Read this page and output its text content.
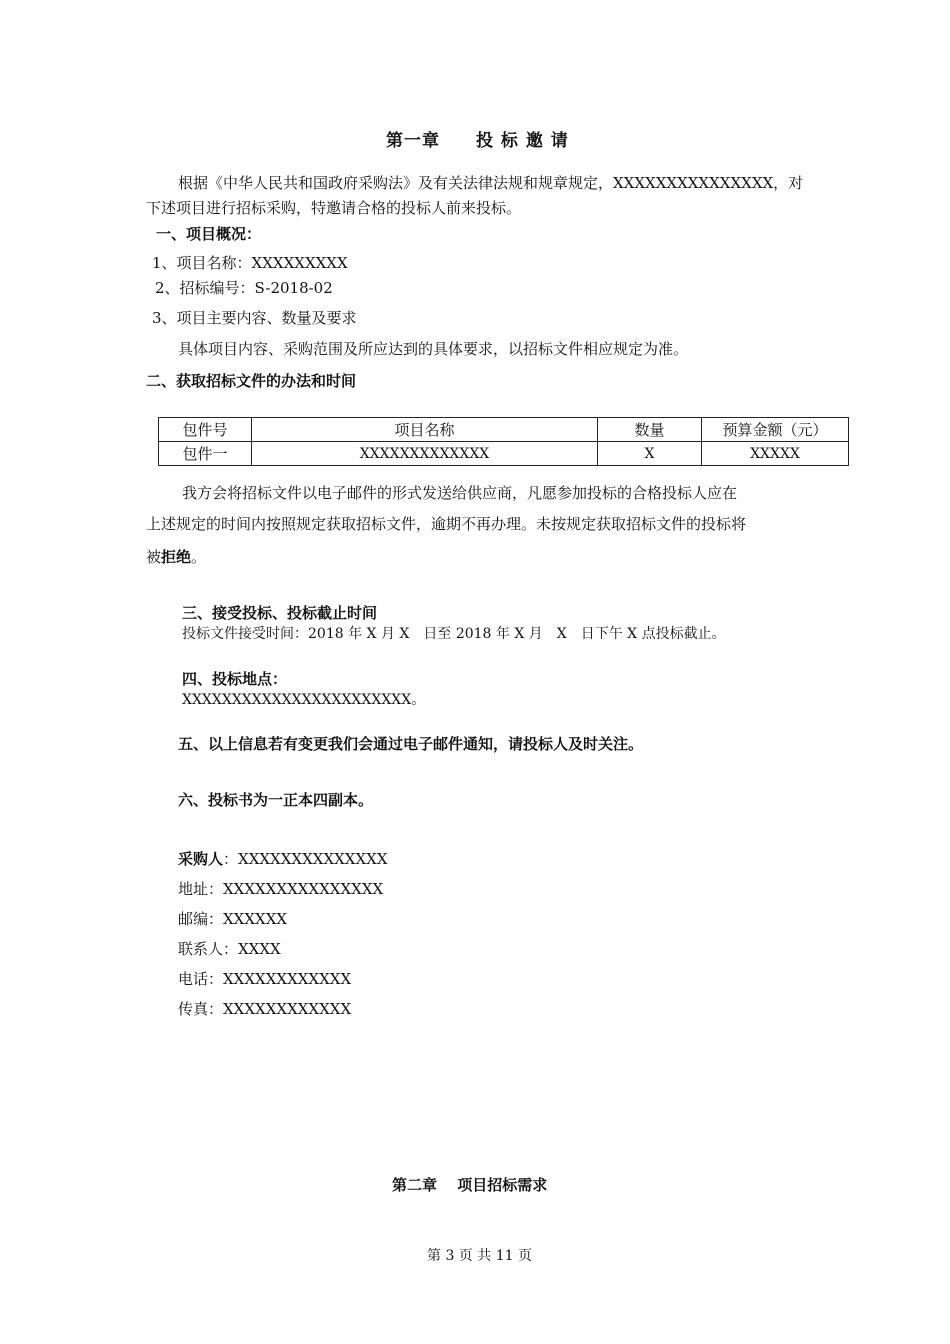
第一章　　投 标 邀 请
根据《中华人民共和国政府采购法》及有关法律法规和规章规定，XXXXXXXXXXXXXXX，对
下述项目进行招标采购，特邀请合格的投标人前来投标。
一、项目概况：
1、项目名称：XXXXXXXXX
2、招标编号：S-2018-02
3、项目主要内容、数量及要求
具体项目内容、采购范围及所应达到的具体要求，以招标文件相应规定为准。
二、获取招标文件的办法和时间
包件号	项目名称	数量	预算金额（元）
包件一	XXXXXXXXXXXXX	X	XXXXX
我方会将招标文件以电子邮件的形式发送给供应商，凡愿参加投标的合格投标人应在
上述规定的时间内按照规定获取招标文件，逾期不再办理。未按规定获取招标文件的投标将
被拒绝。
三、接受投标、投标截止时间
投标文件接受时间：2018 年 X 月 X　日至 2018 年 X 月　X　日下午 X 点投标截止。
四、投标地点：
XXXXXXXXXXXXXXXXXXXXXXX。
五、以上信息若有变更我们会通过电子邮件通知，请投标人及时关注。
六、投标书为一正本四副本。
采购人：XXXXXXXXXXXXXX
地址：XXXXXXXXXXXXXXX
邮编：XXXXXX
联系人：XXXX
电话：XXXXXXXXXXXX
传真：XXXXXXXXXXXX
第二章　 项目招标需求
第 3 页 共 11 页
